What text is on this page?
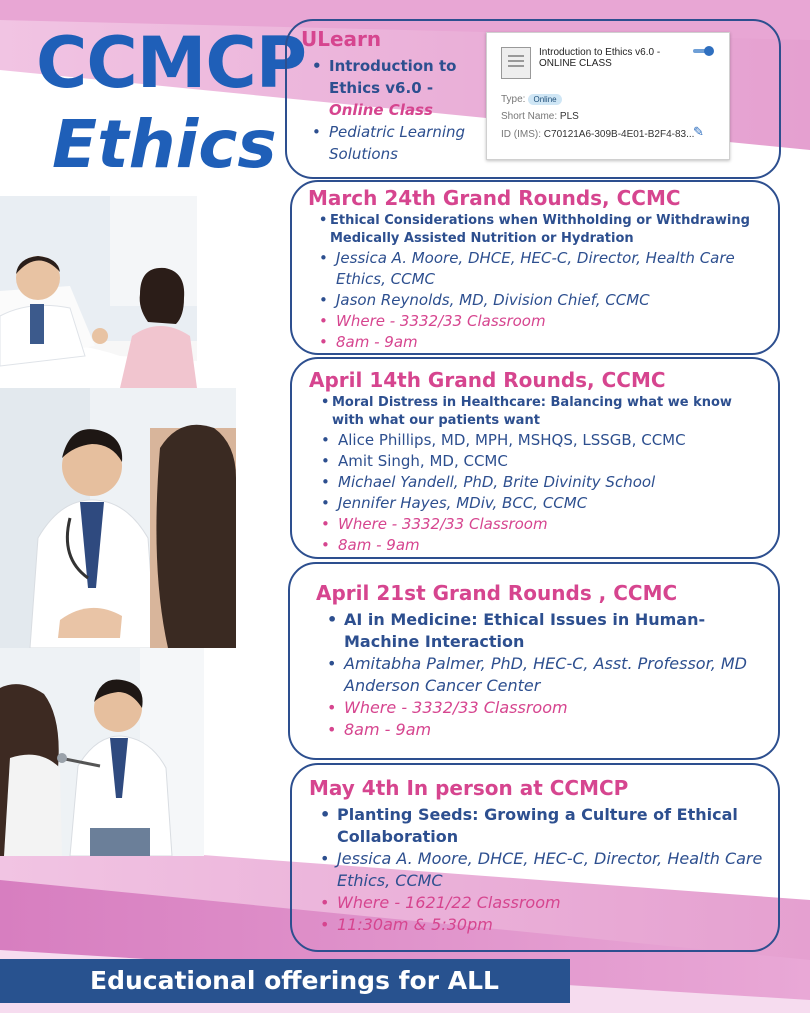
CCMCP
Ethics
ULearn
• Introduction to Ethics v6.0 -Online Class
• Pediatric Learning Solutions
Introduction to Ethics v6.0 - ONLINE CLASS
Type: Online
Short Name: PLS
ID (IMS): C70121A6-309B-4E01-B2F4-83...
✎
March 24th Grand Rounds, CCMC
• Ethical Considerations when Withholding or Withdrawing Medically Assisted Nutrition or Hydration
• Jessica A. Moore, DHCE, HEC-C, Director, Health Care Ethics, CCMC
• Jason Reynolds, MD, Division Chief, CCMC
• Where - 3332/33 Classroom
• 8am - 9am
April 14th Grand Rounds, CCMC
• Moral Distress in Healthcare: Balancing what we know with what our patients want
• Alice Phillips, MD, MPH, MSHQS, LSSGB, CCMC
• Amit Singh, MD, CCMC
• Michael Yandell, PhD, Brite Divinity School
• Jennifer Hayes, MDiv, BCC, CCMC
• Where - 3332/33 Classroom
• 8am - 9am
April 21st Grand Rounds , CCMC
• AI in Medicine: Ethical Issues in Human-Machine Interaction
• Amitabha Palmer, PhD, HEC-C, Asst. Professor, MD Anderson Cancer Center
• Where - 3332/33 Classroom
• 8am - 9am
May 4th In person at CCMCP
• Planting Seeds: Growing a Culture of Ethical Collaboration
• Jessica A. Moore, DHCE, HEC-C, Director, Health Care Ethics, CCMC
• Where - 1621/22 Classroom
• 11:30am & 5:30pm
Educational offerings for ALL
